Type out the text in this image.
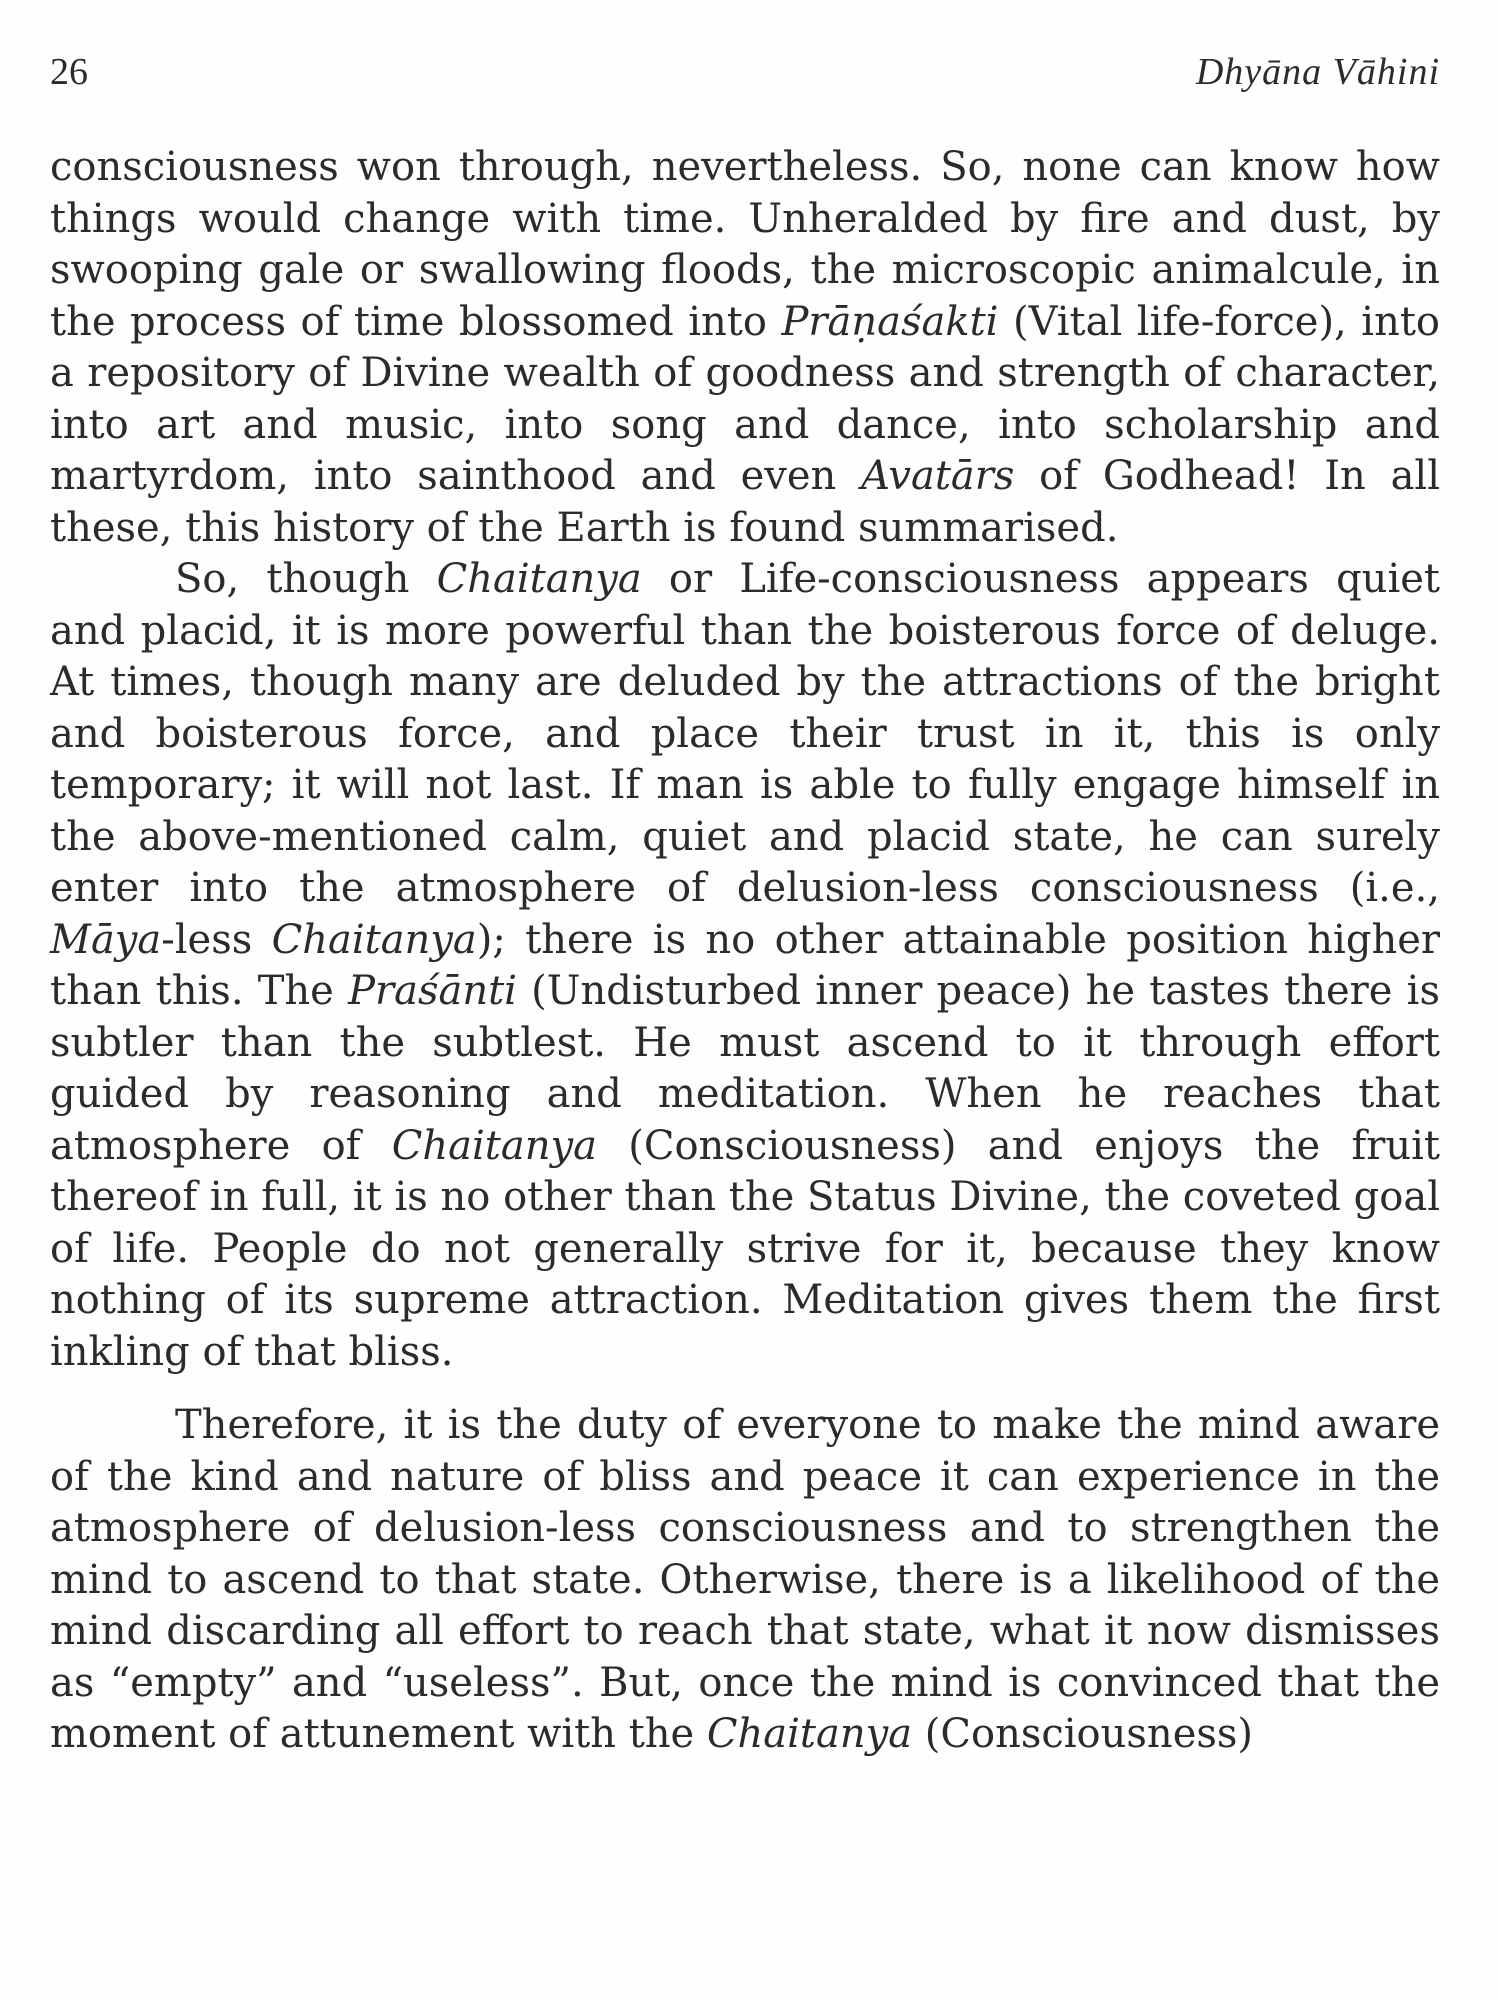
26	Dhyāna Vāhini

consciousness won through, nevertheless. So, none can know how things would change with time. Unheralded by fire and dust, by swooping gale or swallowing floods, the microscopic animalcule, in the process of time blossomed into Prāṇaśakti (Vital life-force), into a repository of Divine wealth of goodness and strength of character, into art and music, into song and dance, into scholarship and martyrdom, into sainthood and even Avatārs of Godhead! In all these, this history of the Earth is found summarised.

So, though Chaitanya or Life-consciousness appears quiet and placid, it is more powerful than the boisterous force of deluge. At times, though many are deluded by the attractions of the bright and boisterous force, and place their trust in it, this is only temporary; it will not last. If man is able to fully engage himself in the above-mentioned calm, quiet and placid state, he can surely enter into the atmosphere of delusion-less consciousness (i.e., Māya-less Chaitanya); there is no other attainable position higher than this. The Praśānti (Undisturbed inner peace) he tastes there is subtler than the subtlest. He must ascend to it through effort guided by reasoning and meditation. When he reaches that atmosphere of Chaitanya (Consciousness) and enjoys the fruit thereof in full, it is no other than the Status Divine, the coveted goal of life. People do not generally strive for it, because they know nothing of its supreme attraction. Meditation gives them the first inkling of that bliss.

Therefore, it is the duty of everyone to make the mind aware of the kind and nature of bliss and peace it can experience in the atmosphere of delusion-less consciousness and to strengthen the mind to ascend to that state. Otherwise, there is a likelihood of the mind discarding all effort to reach that state, what it now dismisses as “empty” and “useless”. But, once the mind is convinced that the moment of attunement with the Chaitanya (Consciousness)
